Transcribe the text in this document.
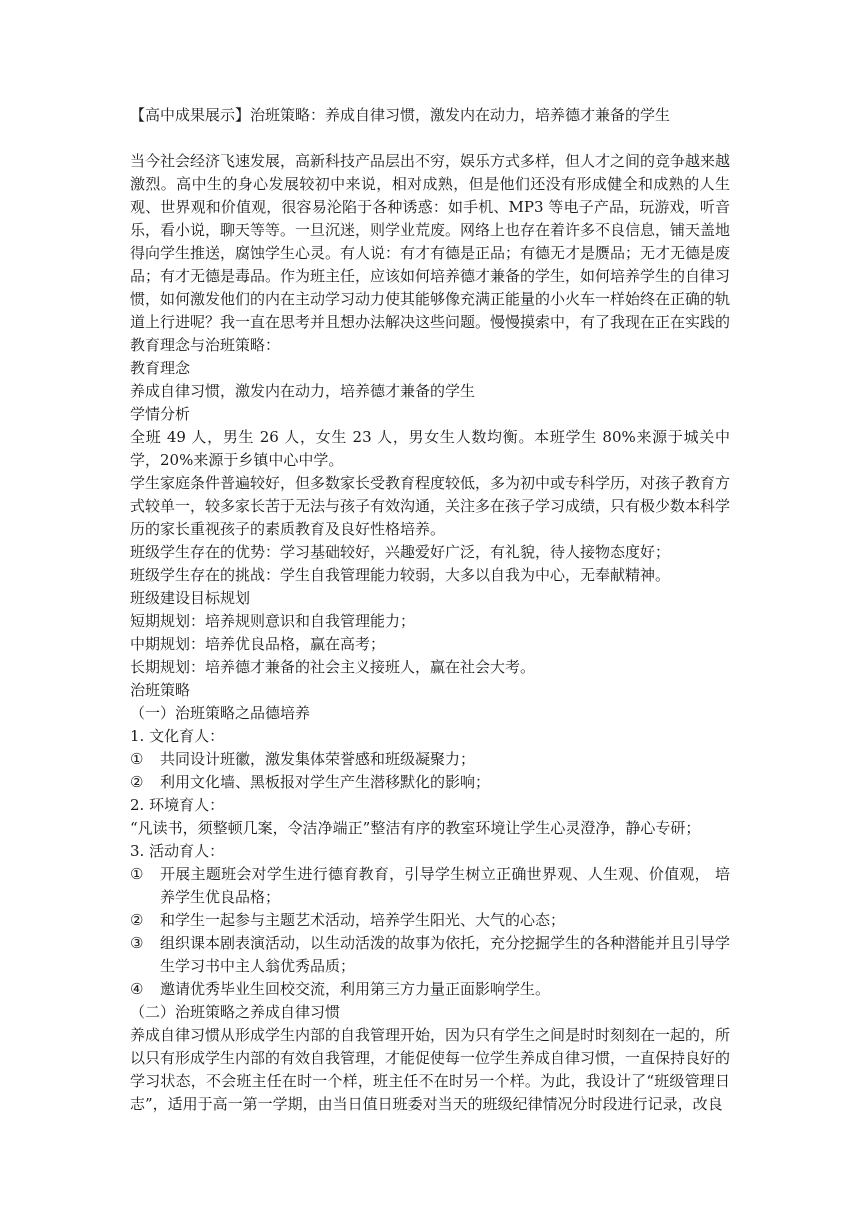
【高中成果展示】治班策略：养成自律习惯，激发内在动力，培养德才兼备的学生

当今社会经济飞速发展，高新科技产品层出不穷，娱乐方式多样，但人才之间的竞争越来越激烈。高中生的身心发展较初中来说，相对成熟，但是他们还没有形成健全和成熟的人生观、世界观和价值观，很容易沦陷于各种诱惑：如手机、MP3 等电子产品，玩游戏，听音乐，看小说，聊天等等。一旦沉迷，则学业荒废。网络上也存在着许多不良信息，铺天盖地得向学生推送，腐蚀学生心灵。有人说：有才有德是正品；有德无才是赝品；无才无德是废品；有才无德是毒品。作为班主任，应该如何培养德才兼备的学生，如何培养学生的自律习惯，如何激发他们的内在主动学习动力使其能够像充满正能量的小火车一样始终在正确的轨道上行进呢？我一直在思考并且想办法解决这些问题。慢慢摸索中，有了我现在正在实践的教育理念与治班策略：

教育理念

养成自律习惯，激发内在动力，培养德才兼备的学生

学情分析

全班 49 人，男生 26 人，女生 23 人，男女生人数均衡。本班学生 80%来源于城关中学，20%来源于乡镇中心中学。

学生家庭条件普遍较好，但多数家长受教育程度较低，多为初中或专科学历，对孩子教育方式较单一，较多家长苦于无法与孩子有效沟通，关注多在孩子学习成绩，只有极少数本科学历的家长重视孩子的素质教育及良好性格培养。

班级学生存在的优势：学习基础较好，兴趣爱好广泛，有礼貌，待人接物态度好；

班级学生存在的挑战：学生自我管理能力较弱，大多以自我为中心，无奉献精神。

班级建设目标规划

短期规划：培养规则意识和自我管理能力；

中期规划：培养优良品格，赢在高考；

长期规划：培养德才兼备的社会主义接班人，赢在社会大考。

治班策略

（一）治班策略之品德培养

1. 文化育人：

①	共同设计班徽，激发集体荣誉感和班级凝聚力；
②	利用文化墙、黑板报对学生产生潜移默化的影响；

2. 环境育人：

“凡读书，须整顿几案，令洁净端正”整洁有序的教室环境让学生心灵澄净，静心专研；

3. 活动育人：

①	开展主题班会对学生进行德育教育，引导学生树立正确世界观、人生观、价值观， 培养学生优良品格；
②	和学生一起参与主题艺术活动，培养学生阳光、大气的心态；
③	组织课本剧表演活动，以生动活泼的故事为依托，充分挖掘学生的各种潜能并且引导学生学习书中主人翁优秀品质；
④	邀请优秀毕业生回校交流，利用第三方力量正面影响学生。

（二）治班策略之养成自律习惯

养成自律习惯从形成学生内部的自我管理开始，因为只有学生之间是时时刻刻在一起的，所以只有形成学生内部的有效自我管理，才能促使每一位学生养成自律习惯，一直保持良好的学习状态，不会班主任在时一个样，班主任不在时另一个样。为此，我设计了“班级管理日志”，适用于高一第一学期，由当日值日班委对当天的班级纪律情况分时段进行记录，改良
